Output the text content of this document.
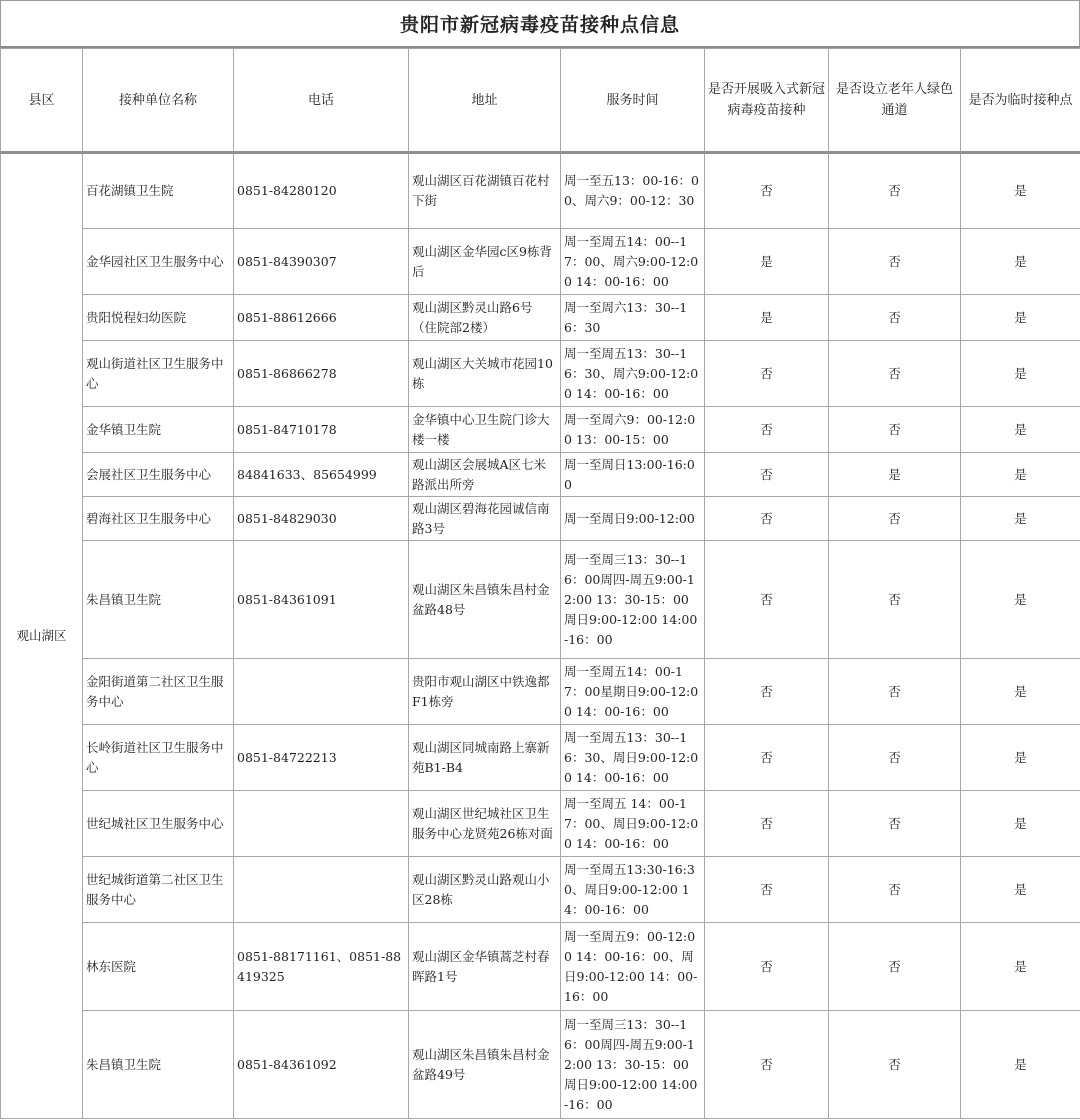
贵阳市新冠病毒疫苗接种点信息
县区	接种单位名称	电话	地址	服务时间	是否开展吸入式新冠病毒疫苗接种	是否设立老年人绿色通道	是否为临时接种点
观山湖区	百花湖镇卫生院	0851-84280120	观山湖区百花湖镇百花村下街	周一至五13：00-16：00、周六9：00-12：30	否	否	是
	金华园社区卫生服务中心	0851-84390307	观山湖区金华园c区9栋背后	周一至周五14：00--17：00、周六9:00-12:00 14：00-16：00	是	否	是
	贵阳悦程妇幼医院	0851-88612666	观山湖区黔灵山路6号（住院部2楼）	周一至周六13：30--16：30	是	否	是
	观山街道社区卫生服务中心	0851-86866278	观山湖区大关城市花园10栋	周一至周五13：30--16：30、周六9:00-12:00 14：00-16：00	否	否	是
	金华镇卫生院	0851-84710178	金华镇中心卫生院门诊大楼一楼	周一至周六9：00-12:00 13：00-15：00	否	否	是
	会展社区卫生服务中心	84841633、85654999	观山湖区会展城A区七米路派出所旁	周一至周日13:00-16:00	否	是	是
	碧海社区卫生服务中心	0851-84829030	观山湖区碧海花园诚信南路3号	周一至周日9:00-12:00	否	否	是
	朱昌镇卫生院	0851-84361091	观山湖区朱昌镇朱昌村金盆路48号	周一至周三13：30--16：00周四-周五9:00-12:00 13：30-15：00 周日9:00-12:00 14:00-16：00	否	否	是
	金阳街道第二社区卫生服务中心		贵阳市观山湖区中铁逸都F1栋旁	周一至周五14：00-17：00星期日9:00-12:00 14：00-16：00	否	否	是
	长岭街道社区卫生服务中心	0851-84722213	观山湖区同城南路上寨新苑B1-B4	周一至周五13：30--16：30、周日9:00-12:00 14：00-16：00	否	否	是
	世纪城社区卫生服务中心		观山湖区世纪城社区卫生服务中心龙贤苑26栋对面	周一至周五 14：00-17：00、周日9:00-12:00 14：00-16：00	否	否	是
	世纪城街道第二社区卫生服务中心		观山湖区黔灵山路观山小区28栋	周一至周五13:30-16:30、周日9:00-12:00 14：00-16：00	否	否	是
	林东医院	0851-88171161、0851-88419325	观山湖区金华镇蒿芝村春晖路1号	周一至周五9：00-12:00 14：00-16：00、周日9:00-12:00 14：00-16：00	否	否	是
	朱昌镇卫生院	0851-84361092	观山湖区朱昌镇朱昌村金盆路49号	周一至周三13：30--16：00周四-周五9:00-12:00 13：30-15：00 周日9:00-12:00 14:00-16：00	否	否	是
